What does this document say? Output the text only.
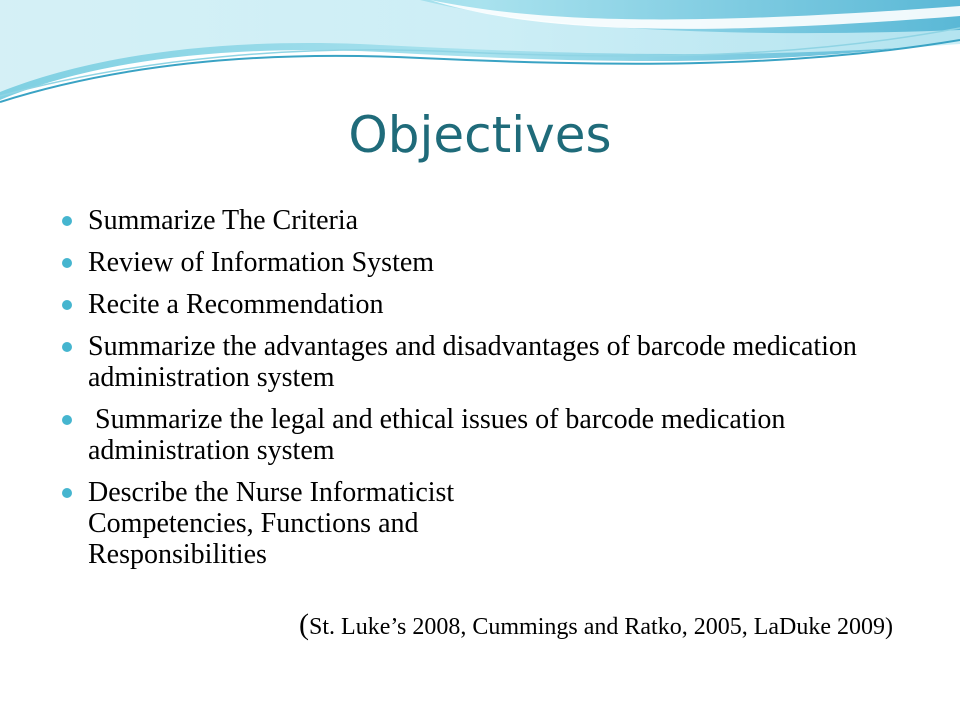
Objectives
Summarize The Criteria
Review of Information System
Recite a Recommendation
Summarize the advantages and disadvantages of barcode medication administration system
Summarize the legal and ethical issues of barcode medication administration system
Describe the Nurse Informaticist Competencies, Functions and Responsibilities
(St. Luke’s 2008, Cummings and Ratko, 2005, LaDuke 2009)
